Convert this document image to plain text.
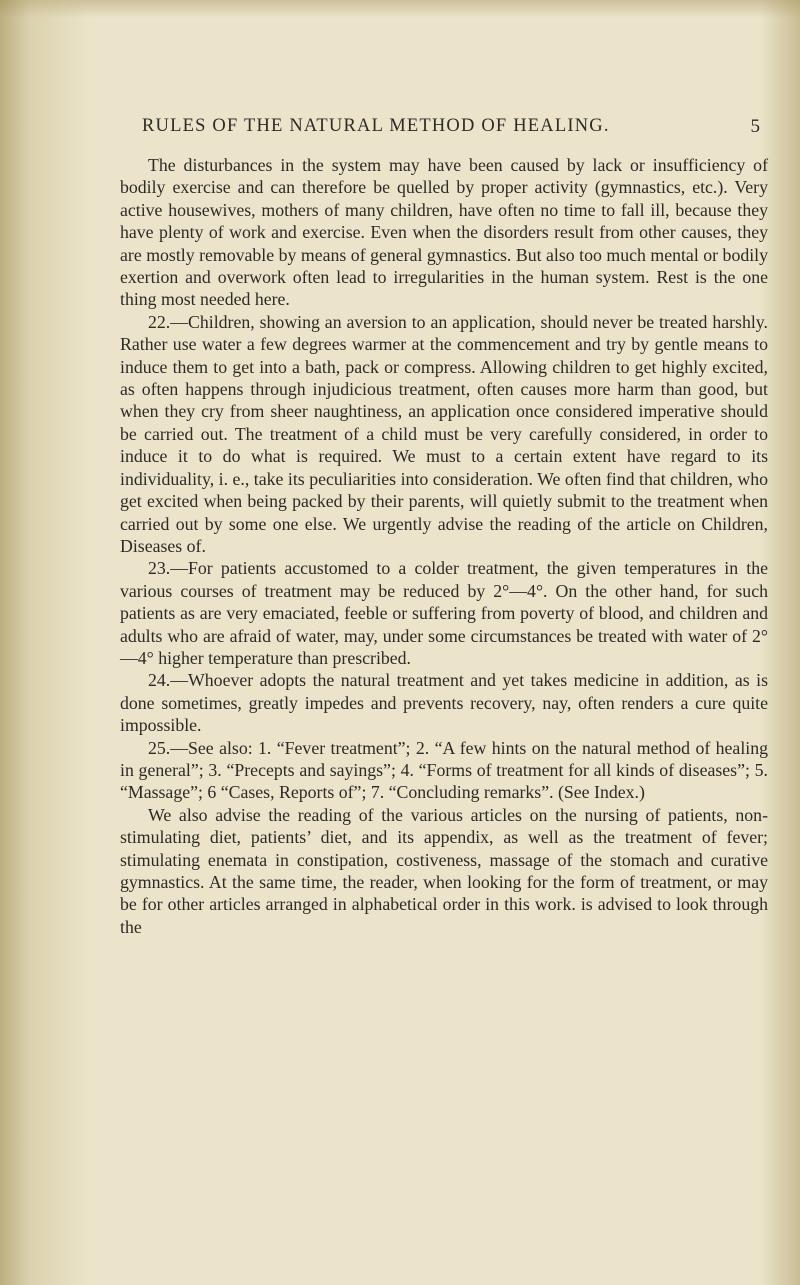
RULES OF THE NATURAL METHOD OF HEALING.	5

The disturbances in the system may have been caused by lack or insufficiency of bodily exercise and can therefore be quelled by proper activity (gymnastics, etc.). Very active housewives, mothers of many children, have often no time to fall ill, because they have plenty of work and exercise. Even when the disorders result from other causes, they are mostly removable by means of general gymnastics. But also too much mental or bodily exertion and overwork often lead to irregularities in the human system. Rest is the one thing most needed here.

22.—Children, showing an aversion to an application, should never be treated harshly. Rather use water a few degrees warmer at the commencement and try by gentle means to induce them to get into a bath, pack or compress. Allowing children to get highly excited, as often happens through injudicious treatment, often causes more harm than good, but when they cry from sheer naughtiness, an application once considered imperative should be carried out. The treatment of a child must be very carefully considered, in order to induce it to do what is required. We must to a certain extent have regard to its individuality, i. e., take its peculiarities into consideration. We often find that children, who get excited when being packed by their parents, will quietly submit to the treatment when carried out by some one else. We urgently advise the reading of the article on Children, Diseases of.

23.—For patients accustomed to a colder treatment, the given temperatures in the various courses of treatment may be reduced by 2°—4°. On the other hand, for such patients as are very emaciated, feeble or suffering from poverty of blood, and children and adults who are afraid of water, may, under some circumstances be treated with water of 2°—4° higher temperature than prescribed.

24.—Whoever adopts the natural treatment and yet takes medicine in addition, as is done sometimes, greatly impedes and prevents recovery, nay, often renders a cure quite impossible.

25.—See also: 1. “Fever treatment”; 2. “A few hints on the natural method of healing in general”; 3. “Precepts and sayings”; 4. “Forms of treatment for all kinds of diseases”; 5. “Massage”; 6 “Cases, Reports of”; 7. “Concluding remarks”. (See Index.)

We also advise the reading of the various articles on the nursing of patients, non-stimulating diet, patients’ diet, and its appendix, as well as the treatment of fever; stimulating enemata in constipation, costiveness, massage of the stomach and curative gymnastics. At the same time, the reader, when looking for the form of treatment, or may be for other articles arranged in alphabetical order in this work. is advised to look through the
